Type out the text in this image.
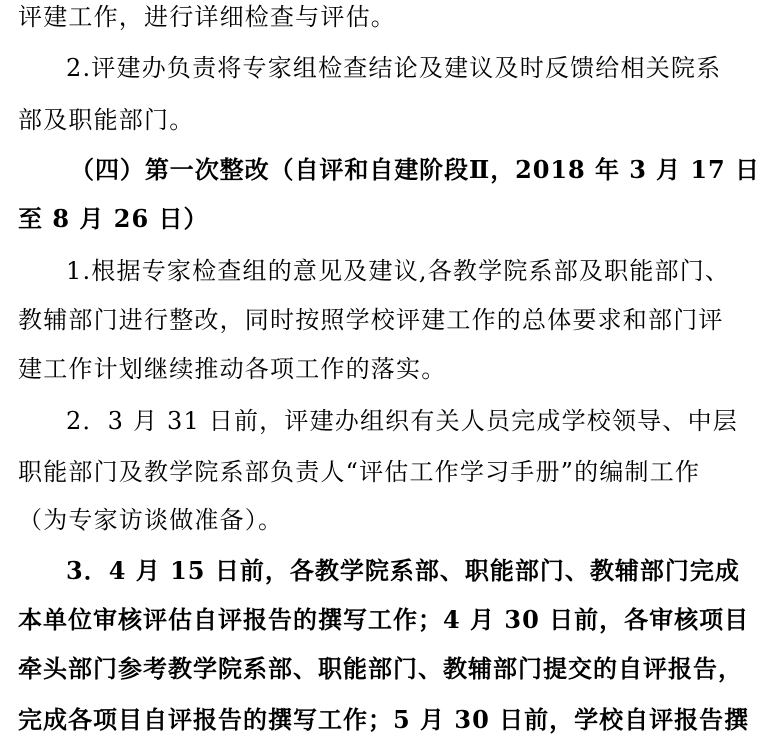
评建工作，进行详细检查与评估。
2.评建办负责将专家组检查结论及建议及时反馈给相关院系
部及职能部门。
（四）第一次整改（自评和自建阶段Ⅱ，2018 年 3 月 17 日
至 8 月 26 日）
1.根据专家检查组的意见及建议,各教学院系部及职能部门、
教辅部门进行整改，同时按照学校评建工作的总体要求和部门评
建工作计划继续推动各项工作的落实。
2．3 月 31 日前，评建办组织有关人员完成学校领导、中层
职能部门及教学院系部负责人“评估工作学习手册”的编制工作
（为专家访谈做准备）。
3．4 月 15 日前，各教学院系部、职能部门、教辅部门完成
本单位审核评估自评报告的撰写工作；4 月 30 日前，各审核项目
牵头部门参考教学院系部、职能部门、教辅部门提交的自评报告，
完成各项目自评报告的撰写工作；5 月 30 日前，学校自评报告撰
